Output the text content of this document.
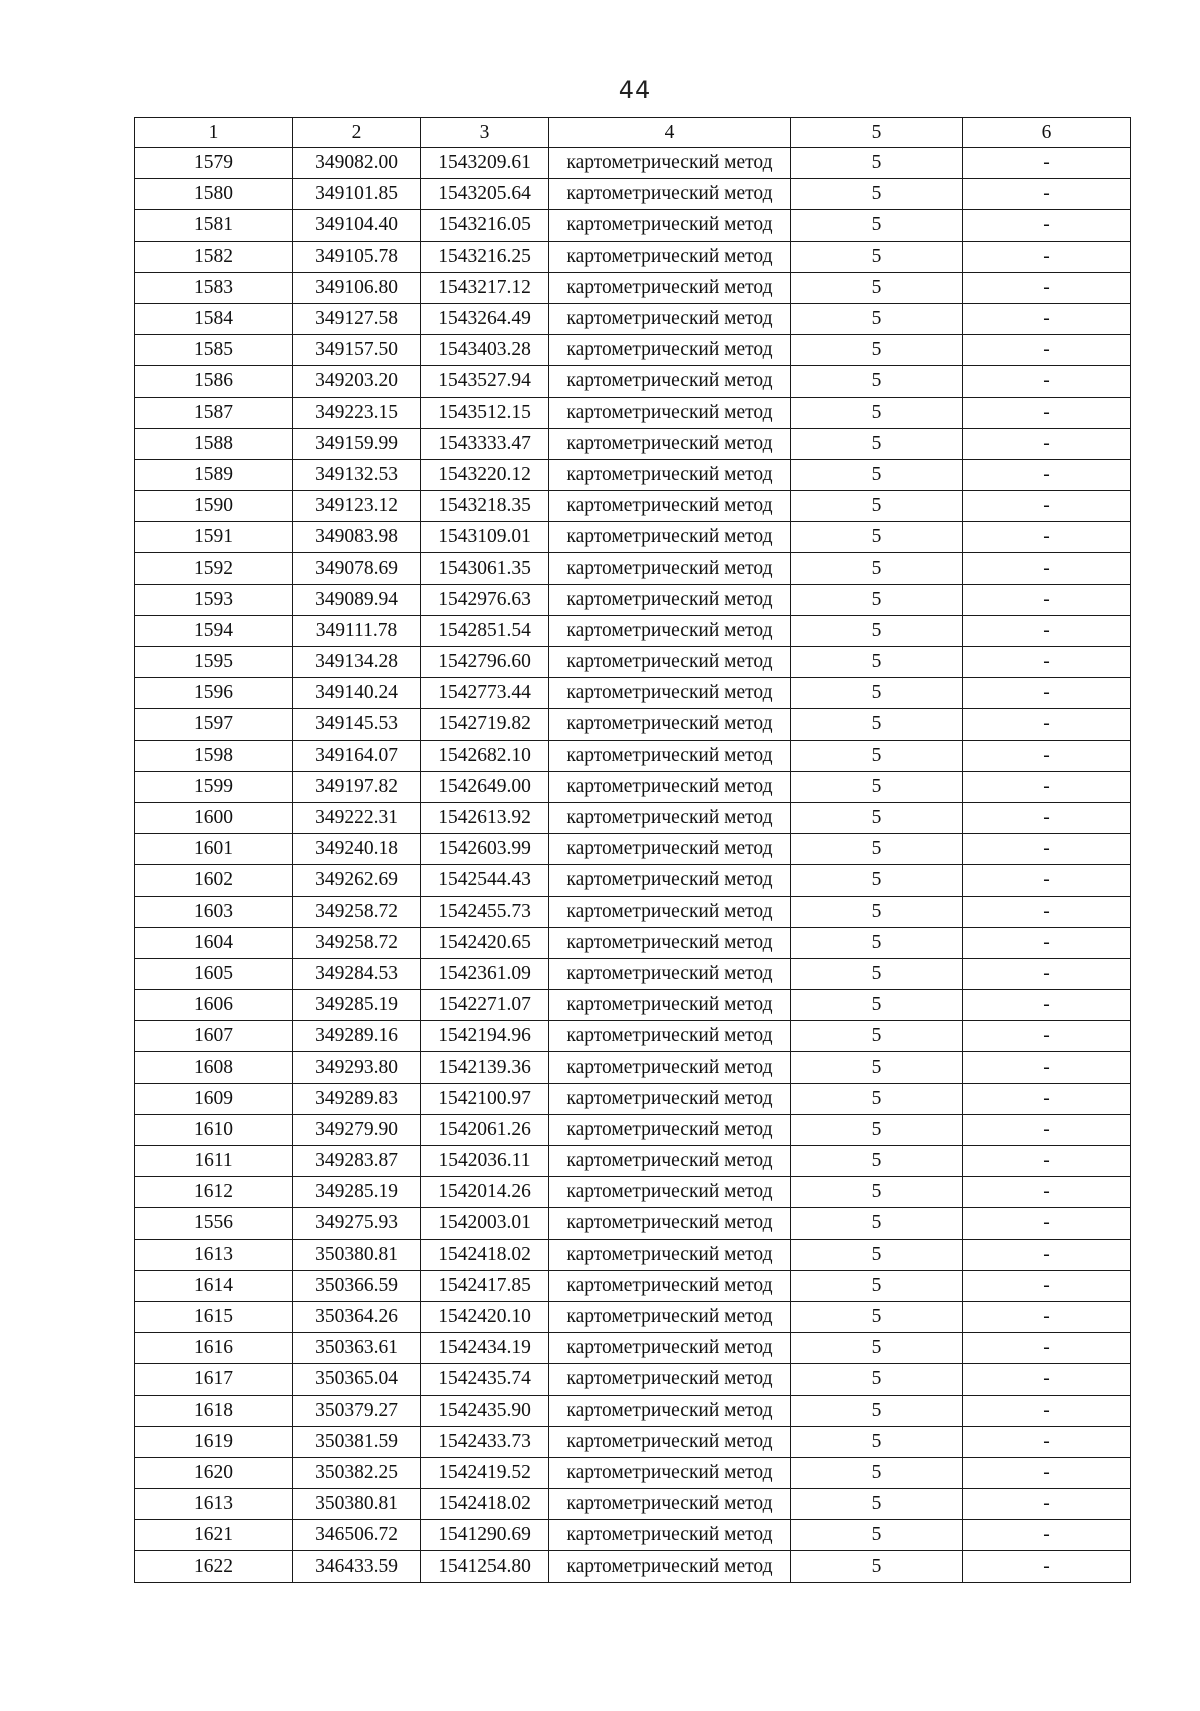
44
1	2	3	4	5	6
1579	349082.00	1543209.61	картометрический метод	5	-
1580	349101.85	1543205.64	картометрический метод	5	-
1581	349104.40	1543216.05	картометрический метод	5	-
1582	349105.78	1543216.25	картометрический метод	5	-
1583	349106.80	1543217.12	картометрический метод	5	-
1584	349127.58	1543264.49	картометрический метод	5	-
1585	349157.50	1543403.28	картометрический метод	5	-
1586	349203.20	1543527.94	картометрический метод	5	-
1587	349223.15	1543512.15	картометрический метод	5	-
1588	349159.99	1543333.47	картометрический метод	5	-
1589	349132.53	1543220.12	картометрический метод	5	-
1590	349123.12	1543218.35	картометрический метод	5	-
1591	349083.98	1543109.01	картометрический метод	5	-
1592	349078.69	1543061.35	картометрический метод	5	-
1593	349089.94	1542976.63	картометрический метод	5	-
1594	349111.78	1542851.54	картометрический метод	5	-
1595	349134.28	1542796.60	картометрический метод	5	-
1596	349140.24	1542773.44	картометрический метод	5	-
1597	349145.53	1542719.82	картометрический метод	5	-
1598	349164.07	1542682.10	картометрический метод	5	-
1599	349197.82	1542649.00	картометрический метод	5	-
1600	349222.31	1542613.92	картометрический метод	5	-
1601	349240.18	1542603.99	картометрический метод	5	-
1602	349262.69	1542544.43	картометрический метод	5	-
1603	349258.72	1542455.73	картометрический метод	5	-
1604	349258.72	1542420.65	картометрический метод	5	-
1605	349284.53	1542361.09	картометрический метод	5	-
1606	349285.19	1542271.07	картометрический метод	5	-
1607	349289.16	1542194.96	картометрический метод	5	-
1608	349293.80	1542139.36	картометрический метод	5	-
1609	349289.83	1542100.97	картометрический метод	5	-
1610	349279.90	1542061.26	картометрический метод	5	-
1611	349283.87	1542036.11	картометрический метод	5	-
1612	349285.19	1542014.26	картометрический метод	5	-
1556	349275.93	1542003.01	картометрический метод	5	-
1613	350380.81	1542418.02	картометрический метод	5	-
1614	350366.59	1542417.85	картометрический метод	5	-
1615	350364.26	1542420.10	картометрический метод	5	-
1616	350363.61	1542434.19	картометрический метод	5	-
1617	350365.04	1542435.74	картометрический метод	5	-
1618	350379.27	1542435.90	картометрический метод	5	-
1619	350381.59	1542433.73	картометрический метод	5	-
1620	350382.25	1542419.52	картометрический метод	5	-
1613	350380.81	1542418.02	картометрический метод	5	-
1621	346506.72	1541290.69	картометрический метод	5	-
1622	346433.59	1541254.80	картометрический метод	5	-
